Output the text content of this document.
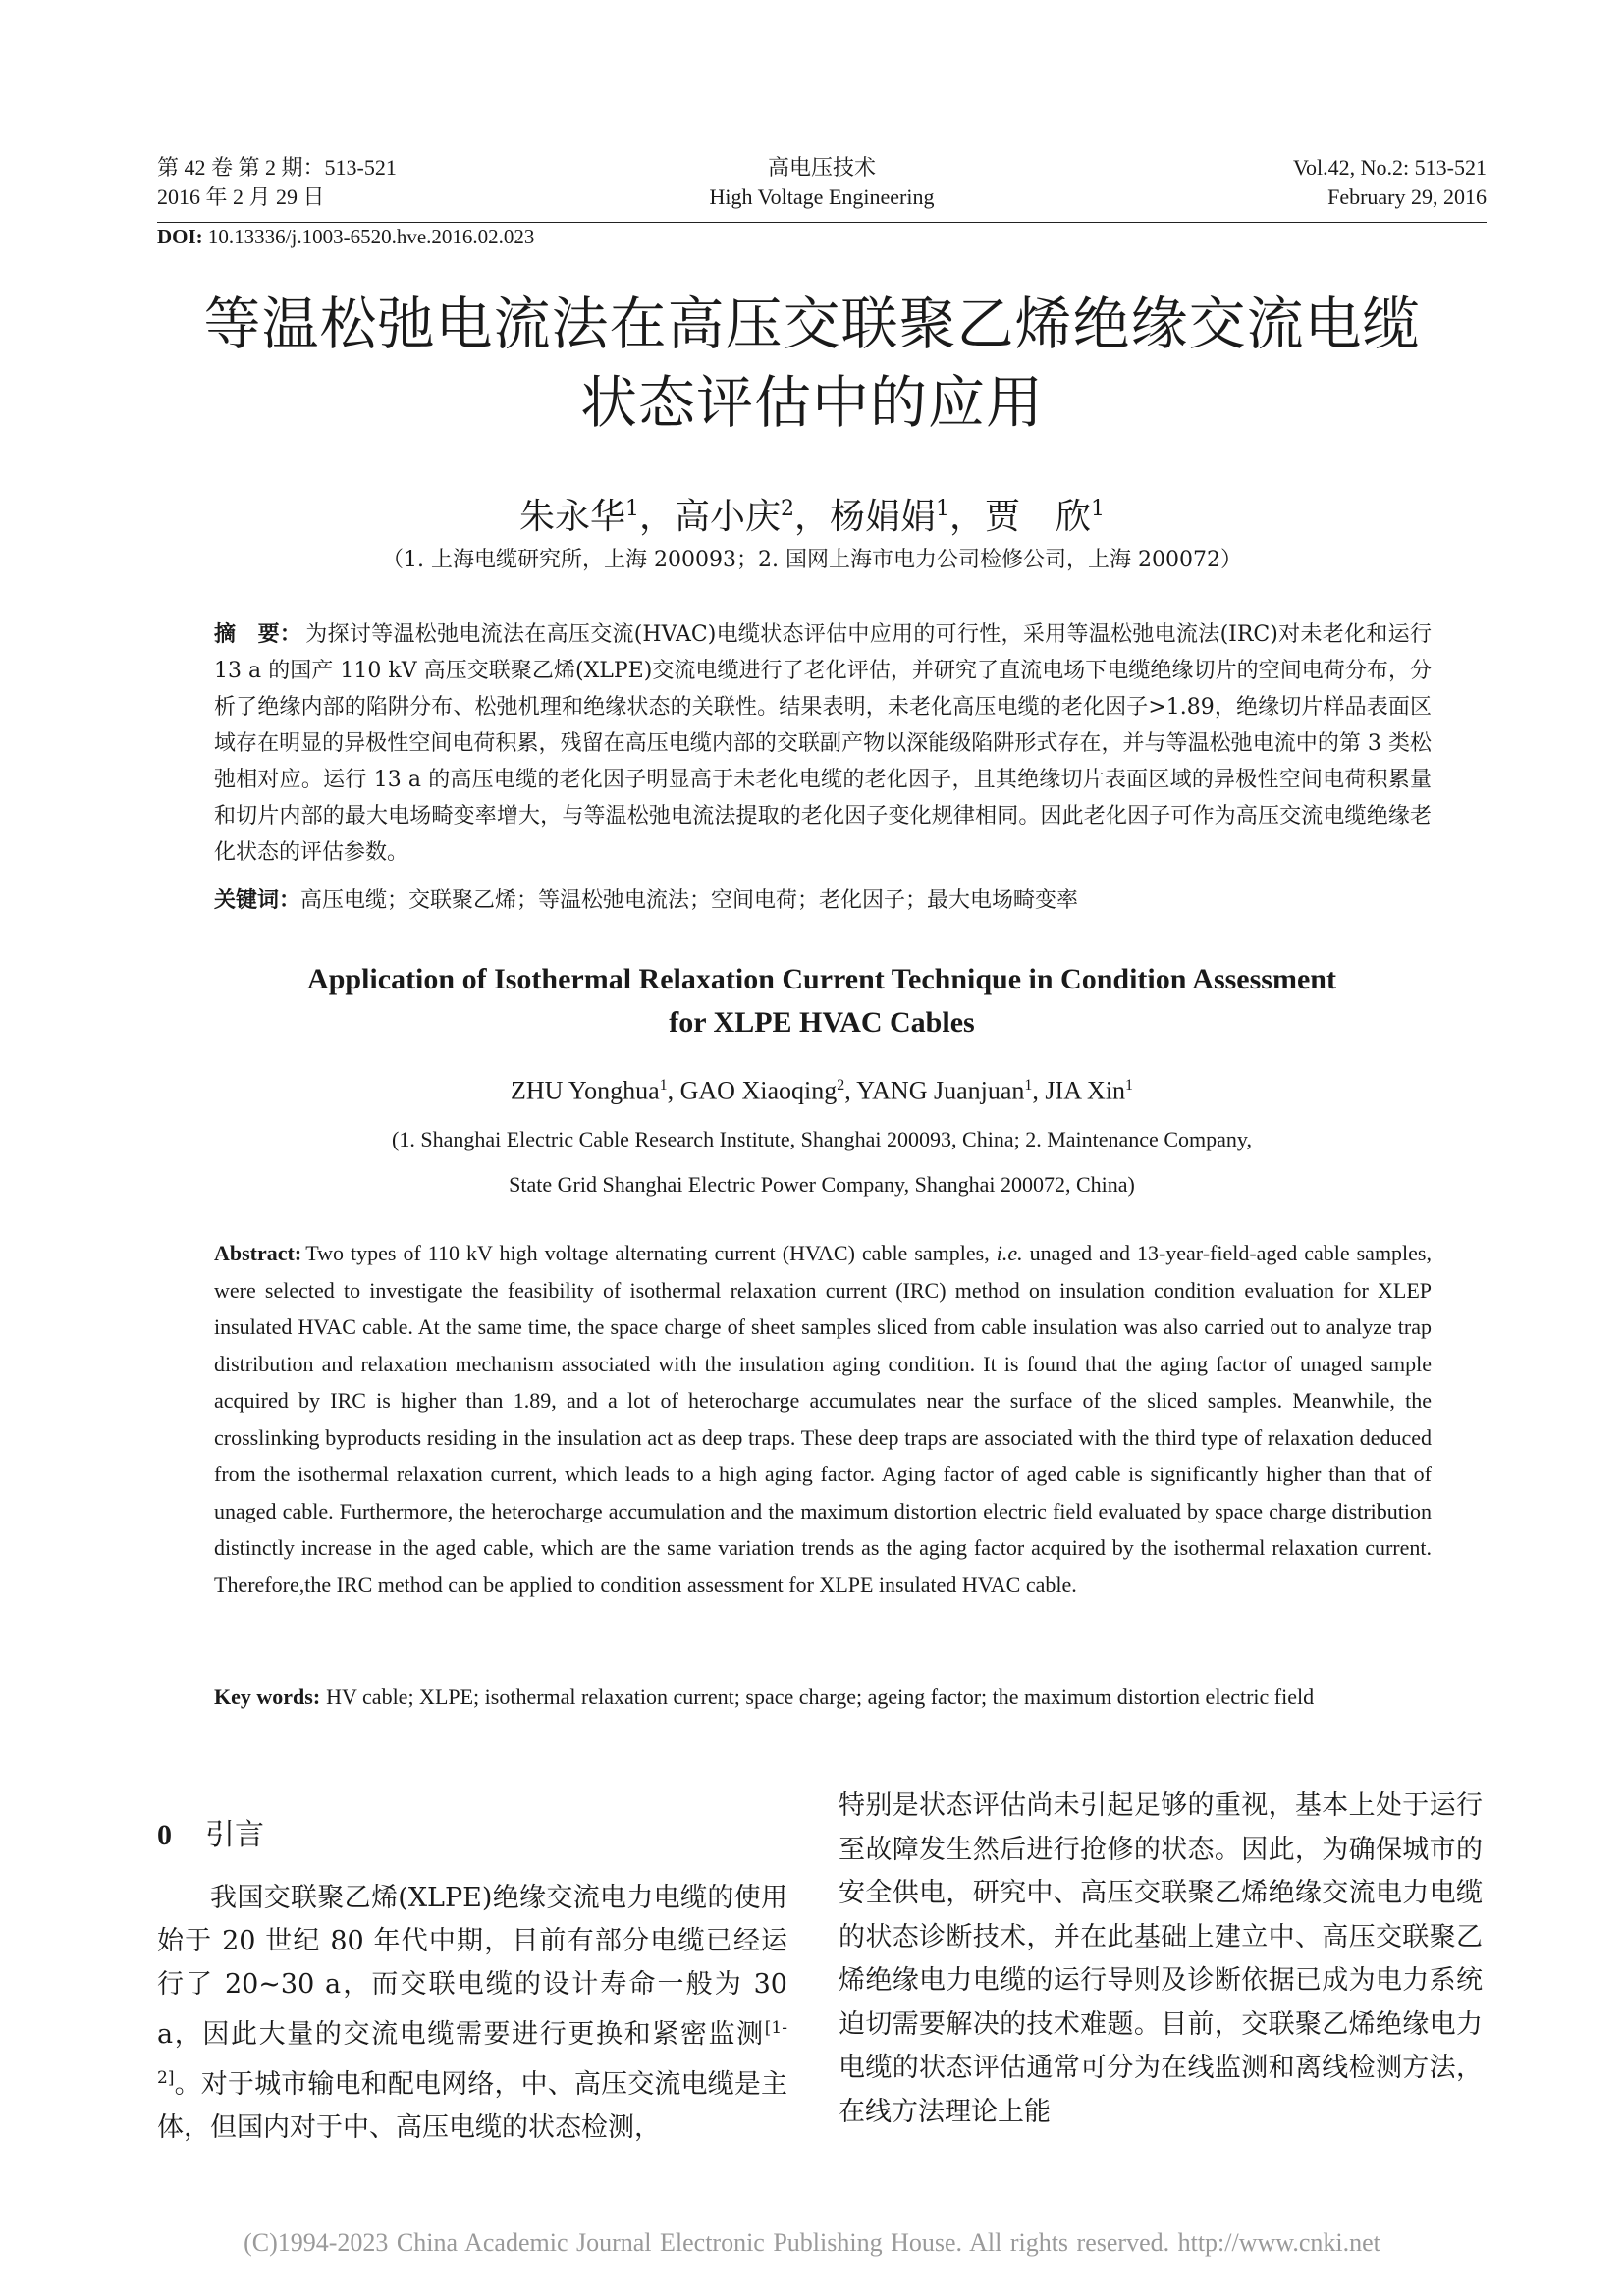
第 42 卷 第 2 期：513-521
2016 年 2 月 29 日
高电压技术
High Voltage Engineering
Vol.42, No.2: 513-521
February 29, 2016
DOI: 10.13336/j.1003-6520.hve.2016.02.023
等温松弛电流法在高压交联聚乙烯绝缘交流电缆
状态评估中的应用
朱永华$^1$，高小庆$^2$，杨娟娟$^1$，贾　欣$^1$
（1. 上海电缆研究所，上海 200093；2. 国网上海市电力公司检修公司，上海 200072）
摘　要： 为探讨等温松弛电流法在高压交流(HVAC)电缆状态评估中应用的可行性，采用等温松弛电流法(IRC)对未老化和运行 13 a 的国产 110 kV 高压交联聚乙烯(XLPE)交流电缆进行了老化评估，并研究了直流电场下电缆绝缘切片的空间电荷分布，分析了绝缘内部的陷阱分布、松弛机理和绝缘状态的关联性。结果表明，未老化高压电缆的老化因子>1.89，绝缘切片样品表面区域存在明显的异极性空间电荷积累，残留在高压电缆内部的交联副产物以深能级陷阱形式存在，并与等温松弛电流中的第 3 类松弛相对应。运行 13 a 的高压电缆的老化因子明显高于未老化电缆的老化因子，且其绝缘切片表面区域的异极性空间电荷积累量和切片内部的最大电场畸变率增大，与等温松弛电流法提取的老化因子变化规律相同。因此老化因子可作为高压交流电缆绝缘老化状态的评估参数。
关键词：高压电缆；交联聚乙烯；等温松弛电流法；空间电荷；老化因子；最大电场畸变率
Application of Isothermal Relaxation Current Technique in Condition Assessment
for XLPE HVAC Cables
ZHU Yonghua$^1$, GAO Xiaoqing$^2$, YANG Juanjuan$^1$, JIA Xin$^1$
(1. Shanghai Electric Cable Research Institute, Shanghai 200093, China; 2. Maintenance Company,
State Grid Shanghai Electric Power Company, Shanghai 200072, China)
Abstract: Two types of 110 kV high voltage alternating current (HVAC) cable samples, i.e. unaged and 13-year-field-aged cable samples, were selected to investigate the feasibility of isothermal relaxation current (IRC) method on insulation condition evaluation for XLEP insulated HVAC cable. At the same time, the space charge of sheet samples sliced from cable insulation was also carried out to analyze trap distribution and relaxation mechanism associated with the insulation aging condition. It is found that the aging factor of unaged sample acquired by IRC is higher than 1.89, and a lot of heterocharge accumulates near the surface of the sliced samples. Meanwhile, the crosslinking byproducts residing in the insulation act as deep traps. These deep traps are associated with the third type of relaxation deduced from the isothermal relaxation current, which leads to a high aging factor. Aging factor of aged cable is significantly higher than that of unaged cable. Furthermore, the heterocharge accumulation and the maximum distortion electric field evaluated by space charge distribution distinctly increase in the aged cable, which are the same variation trends as the aging factor acquired by the isothermal relaxation current. Therefore,the IRC method can be applied to condition assessment for XLPE insulated HVAC cable.
Key words: HV cable; XLPE; isothermal relaxation current; space charge; ageing factor; the maximum distortion electric field
0 引言
我国交联聚乙烯(XLPE)绝缘交流电力电缆的使用始于 20 世纪 80 年代中期，目前有部分电缆已经运行了 20~30 a，而交联电缆的设计寿命一般为 30 a，因此大量的交流电缆需要进行更换和紧密监测[1-2]。对于城市输电和配电网络，中、高压交流电缆是主体，但国内对于中、高压电缆的状态检测，
特别是状态评估尚未引起足够的重视，基本上处于运行至故障发生然后进行抢修的状态。因此，为确保城市的安全供电，研究中、高压交联聚乙烯绝缘交流电力电缆的状态诊断技术，并在此基础上建立中、高压交联聚乙烯绝缘电力电缆的运行导则及诊断依据已成为电力系统迫切需要解决的技术难题。目前，交联聚乙烯绝缘电力电缆的状态评估通常可分为在线监测和离线检测方法，在线方法理论上能
(C)1994-2023 China Academic Journal Electronic Publishing House. All rights reserved. http://www.cnki.net
